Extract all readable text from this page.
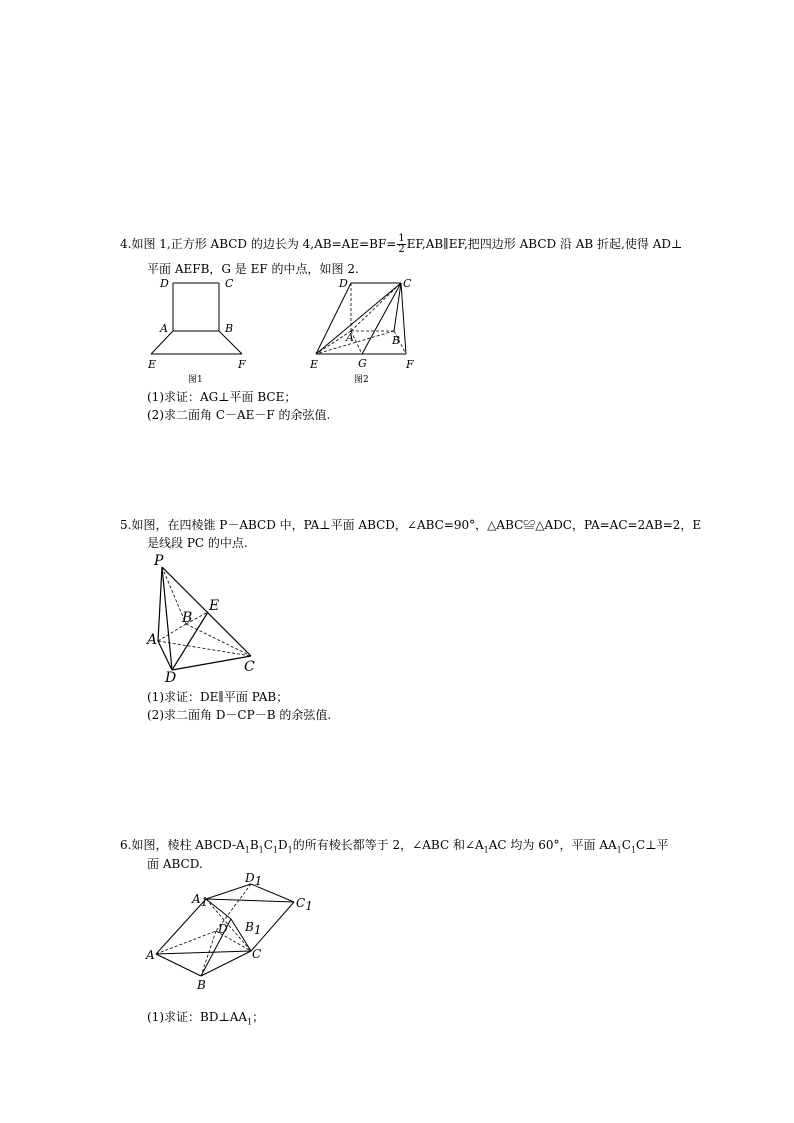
4.如图 1,正方形 ABCD 的边长为 $4,AB=AE=BF= \frac{1}{2}$ EF,AB∥EF,把四边形 ABCD 沿 AB 折起,使得 AD⊥
平面 AEFB，G 是 EF 的中点，如图 2.
D	C
A	B
E	F
图1
D	C
A	B
E	G	F
图2
(1)求证：AG⊥平面 BCE；
(2)求二面角 C－AE－F 的余弦值.
5.如图，在四棱锥 P－ABCD 中，PA⊥平面 ABCD，∠ABC=90°，△ABC≌△ADC，PA=AC=2AB=2，E
是线段 PC 的中点.
P
E
B
A
D
C
(1)求证：DE∥平面 PAB；
(2)求二面角 D－CP－B 的余弦值.
6.如图，棱柱 ABCD-$A_1B_1C_1D_1$的所有棱长都等于 2，∠ABC 和$\angle A_1AC$ 均为 60°，平面 $AA_1C_1C\perp$平
面 ABCD.
D1
C1
A1
D B1
A	C
B
(1)求证：$BD\perp AA_1$；
